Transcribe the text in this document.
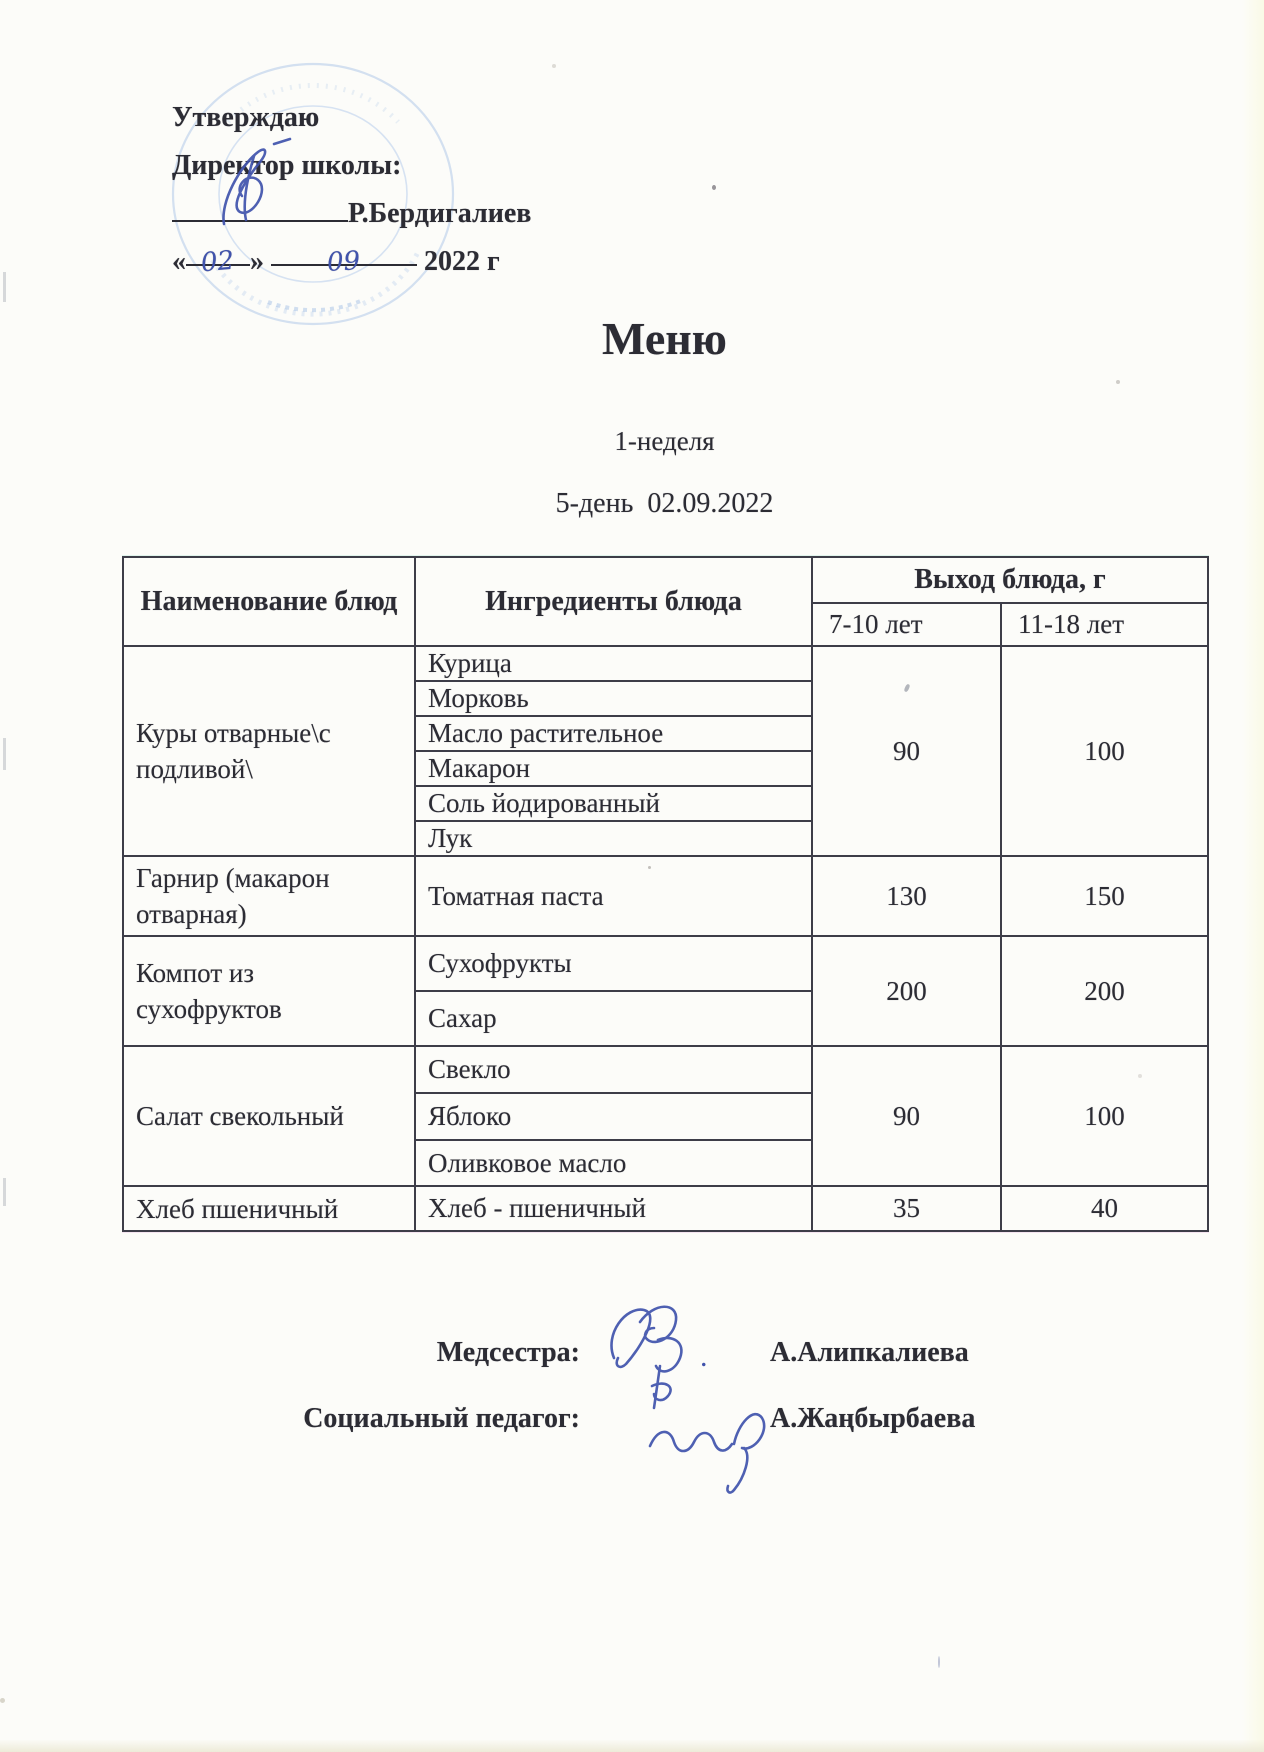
Утверждаю
Директор школы:
Р.Бердигалиев
« 02 » 09 2022 г
Меню
1-неделя
5-день  02.09.2022
Наименование блюд	Ингредиенты блюда	Выход блюда, г	
		7-10 лет	11-18 лет
Куры отварные\с подливой\	Курица	90	100
	Морковь		
	Масло растительное		
	Макарон		
	Соль йодированный		
	Лук		
Гарнир (макарон отварная)	Томатная паста	130	150
Компот из сухофруктов	Сухофрукты	200	200
	Сахар		
Салат свекольный	Свекло	90	100
	Яблоко		
	Оливковое масло		
Хлеб пшеничный	Хлеб - пшеничный	35	40
Медсестра:	А.Алипкалиева
Социальный педагог:	А.Жаңбырбаева
.
